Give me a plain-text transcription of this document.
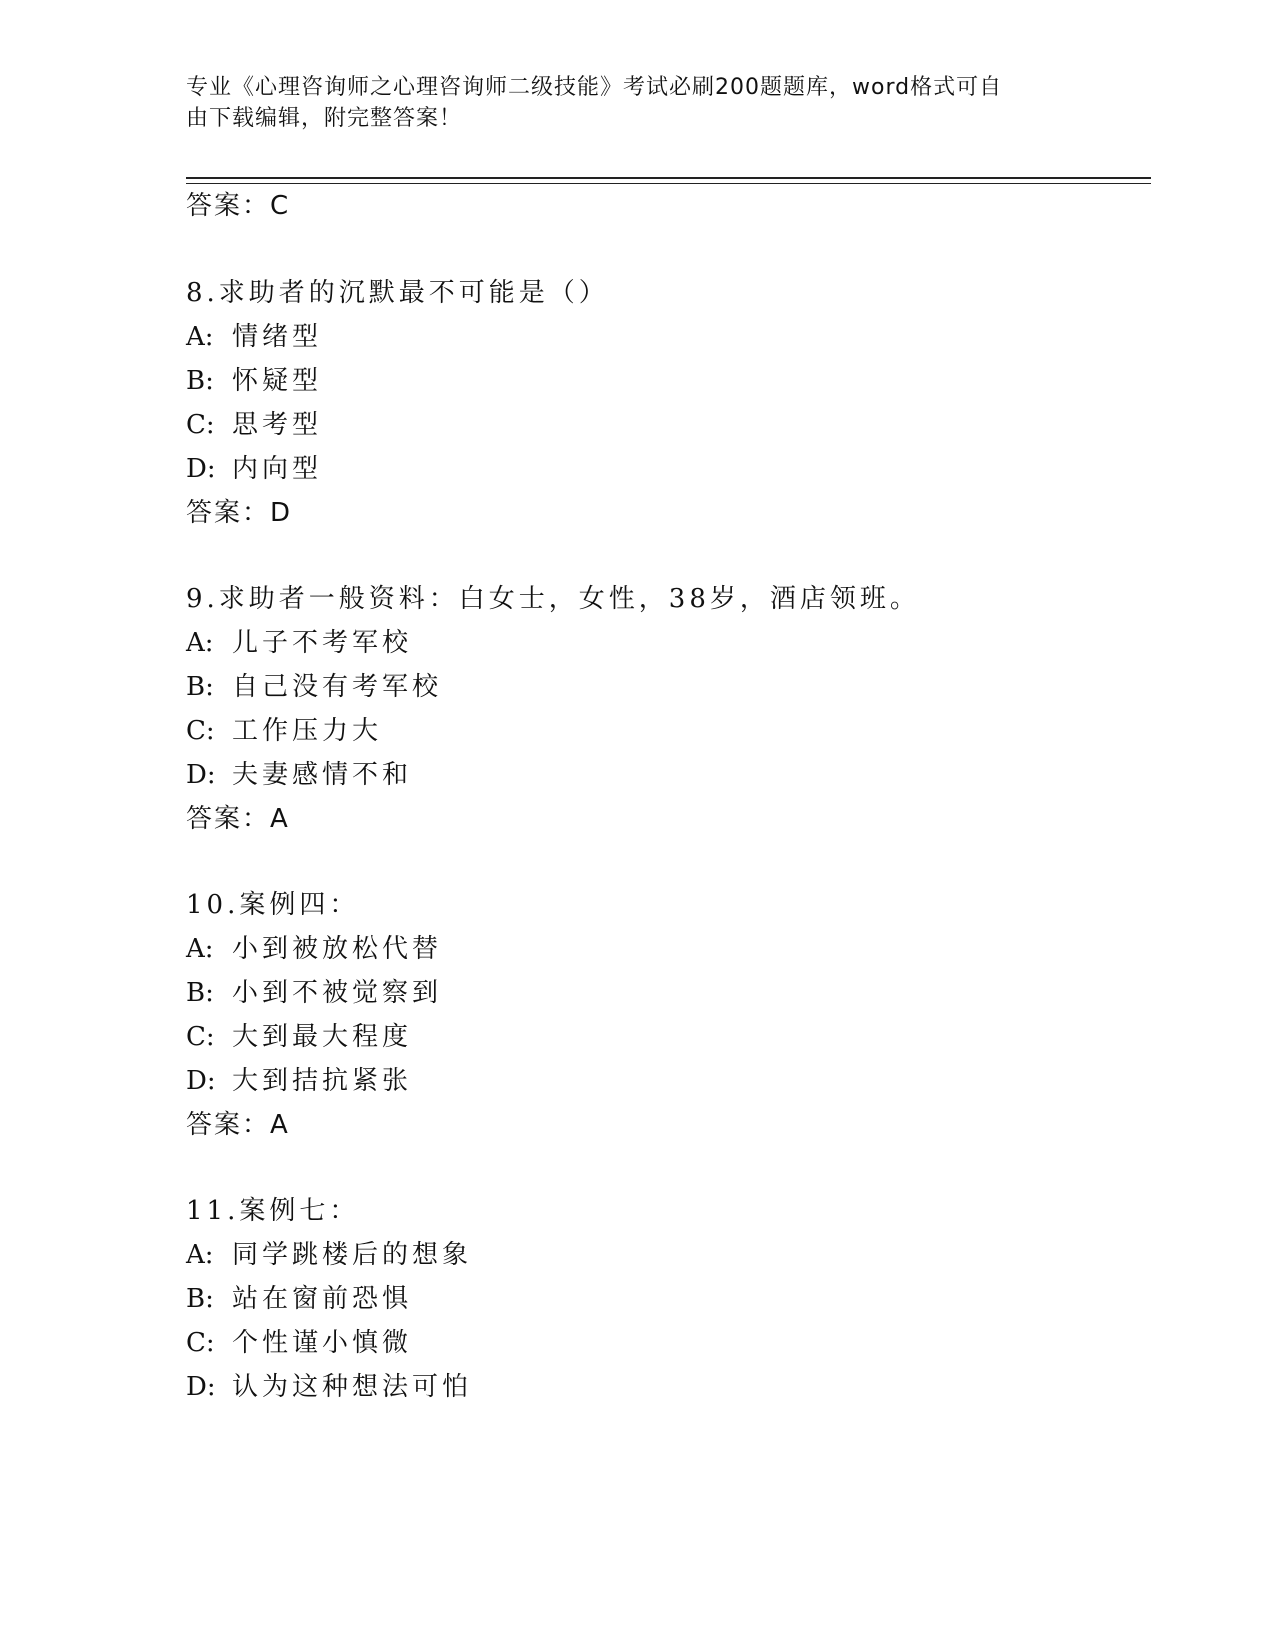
专业《心理咨询师之心理咨询师二级技能》考试必刷200题题库，word格式可自
由下载编辑，附完整答案！
答案：C
8.求助者的沉默最不可能是（）
A: 情绪型
B: 怀疑型
C: 思考型
D: 内向型
答案：D
9.求助者一般资料：白女士，女性，38岁，酒店领班。
A: 儿子不考军校
B: 自己没有考军校
C: 工作压力大
D: 夫妻感情不和
答案：A
10.案例四：
A: 小到被放松代替
B: 小到不被觉察到
C: 大到最大程度
D: 大到拮抗紧张
答案：A
11.案例七：
A: 同学跳楼后的想象
B: 站在窗前恐惧
C: 个性谨小慎微
D: 认为这种想法可怕
